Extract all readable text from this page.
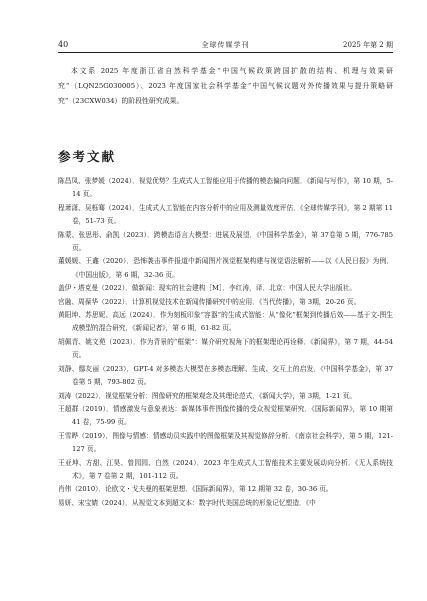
40	全球传媒学刊	2025 年第 2 期

本文系 2025 年度浙江省自然科学基金“中国气候政策跨国扩散的结构、机理与效果研究”（LQN25G030005）、2023 年度国家社会科学基金“中国气候议题对外传播效果与提升策略研究”（23CXW034）的阶段性研究成果。

参考文献
陈昌凤、张梦媛（2024）．视觉优势？生成式人工智能应用于传播的模态偏向问题．《新闻与写作》，第 10 期，5-14 页。
程萧潇、吴栎骞（2024）．生成式人工智能在内容分析中的应用及测量效度评估．《全球传媒学刊》，第 2 期第 11 卷，51-73 页。
陈蒙、张思彤、俞凯（2023）．跨模态语言大模型：进展及展望．《中国科学基金》，第 37卷第 5 期，776-785 页。
董媛媛、王鑫（2020）．恐怖袭击事件报道中新闻图片视觉框架构建与视觉语法解析——以《人民日报》为例．《中国出版》，第 6 期，32-36 页。
盖伊・塔克曼（2022）．做新闻：现实的社会建构［M］．李红涛，译．北京：中国人民大学出版社。
官融、周葆华（2022）．计算机视觉技术在新闻传播研究中的应用．《当代传播》，第 3期，20-26 页。
黄阳坤、苏思妮、高远（2024）．作为刻板印象“容器”的生成式智能：从“像化”框架到传播后效——基于文-图生成模型的混合研究．《新闻记者》，第 6 期，61-82 页。
胡佩青、姚文苑（2023）．作为背景的“框架”：媒介研究视角下的框架理论再诠释．《新闻界》，第 7 期，44-54 页。
刘静、鄢友丽（2023）．GPT-4 对多模态大模型在多模态理解、生成、交互上的启发．《中国科学基金》，第 37 卷第 5 期，793-802 页。
刘涛（2022）．视觉框架分析：图像研究的框架观念及其理论范式．《新闻大学》，第 3期，1-21 页。
王超群（2019）．情感激发与意象表达：新媒体事件图像传播的受众视觉框架研究．《国际新闻界》，第 10 期第 41 卷，75-99 页。
王雪晔（2019）．图像与情感：情感动员实践中的图像框架及其视觉修辞分析．《南京社会科学》，第 5 期，121-127 页。
王亚坤、方甜、江昊、曾园园、白然（2024）．2023 年生成式人工智能技术主要发展动向分析．《无人系统技术》，第 7 卷第 2 期，101-112 页。
肖伟（2010）．论欧文・戈夫曼的框架思想．《国际新闻界》，第 12 期第 32 卷，30-36 页。
易妍、宋宝婧（2024）．从视觉文本到超文本：数字时代美国总统的形象记忆塑造．《中
